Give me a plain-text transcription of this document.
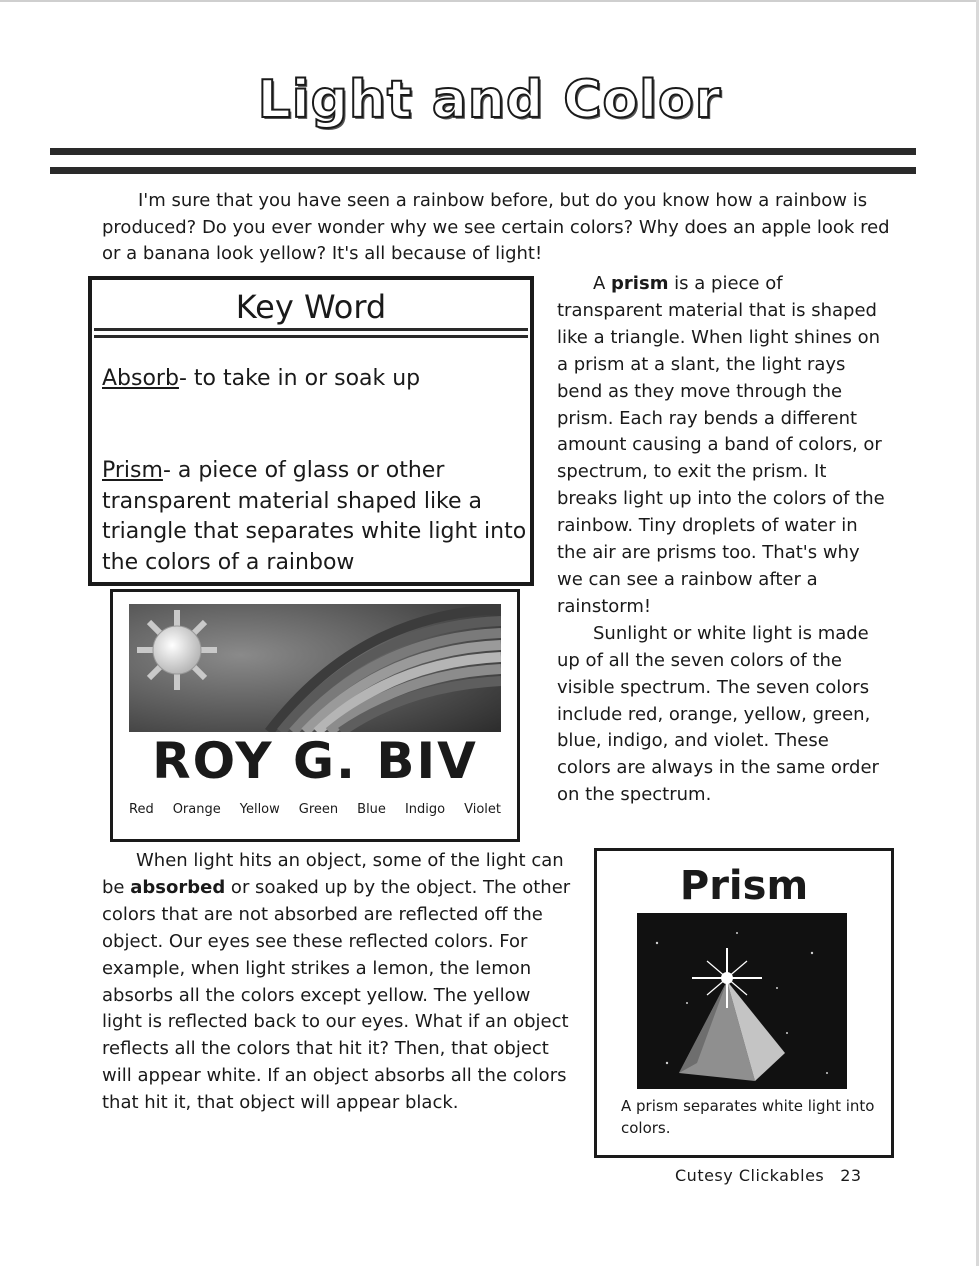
Light and Color
I'm sure that you have seen a rainbow before, but do you know how a rainbow is produced? Do you ever wonder why we see certain colors? Why does an apple look red or a banana look yellow? It's all because of light!
Key Word
Absorb- to take in or soak up
Prism- a piece of glass or other transparent material shaped like a triangle that separates white light into the colors of a rainbow

A prism is a piece of transparent material that is shaped like a triangle. When light shines on a prism at a slant, the light rays bend as they move through the prism. Each ray bends a different amount causing a band of colors, or spectrum, to exit the prism. It breaks light up into the colors of the rainbow. Tiny droplets of water in the air are prisms too. That's why we can see a rainbow after a rainstorm!

Sunlight or white light is made up of all the seven colors of the visible spectrum. The seven colors include red, orange, yellow, green, blue, indigo, and violet. These colors are always in the same order on the spectrum.

ROY G. BIV
Red Orange Yellow Green Blue Indigo Violet
When light hits an object, some of the light can be absorbed or soaked up by the object. The other colors that are not absorbed are reflected off the object. Our eyes see these reflected colors. For example, when light strikes a lemon, the lemon absorbs all the colors except yellow. The yellow light is reflected back to our eyes. What if an object reflects all the colors that hit it? Then, that object will appear white. If an object absorbs all the colors that hit it, that object will appear black.
Prism
A prism separates white light into colors.
Cutesy Clickables 23
